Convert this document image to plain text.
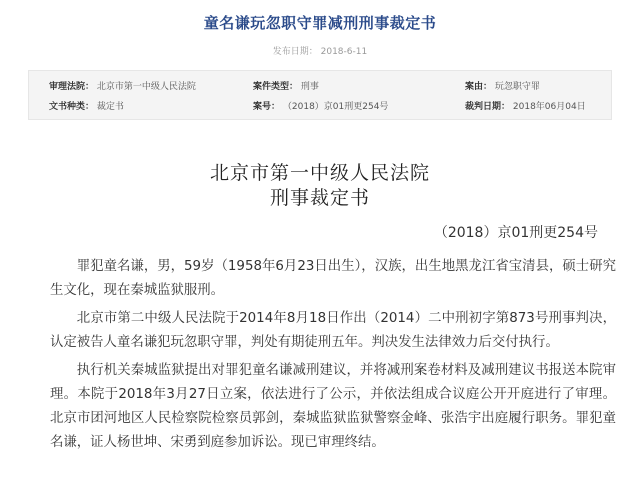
童名谦玩忽职守罪减刑刑事裁定书
发布日期： 2018-6-11
审理法院： 北京市第一中级人民法院	案件类型： 刑事	案由： 玩忽职守罪
文书种类： 裁定书	案号： （2018）京01刑更254号	裁判日期： 2018年06月04日
北京市第一中级人民法院
刑事裁定书
（2018）京01刑更254号

罪犯童名谦，男，59岁（1958年6月23日出生），汉族，出生地黑龙江省宝清县，硕士研究生文化，现在秦城监狱服刑。

北京市第二中级人民法院于2014年8月18日作出（2014）二中刑初字第873号刑事判决，认定被告人童名谦犯玩忽职守罪，判处有期徒刑五年。判决发生法律效力后交付执行。

执行机关秦城监狱提出对罪犯童名谦减刑建议，并将减刑案卷材料及减刑建议书报送本院审理。本院于2018年3月27日立案，依法进行了公示，并依法组成合议庭公开开庭进行了审理。北京市团河地区人民检察院检察员郭剑，秦城监狱监狱警察金峰、张浩宇出庭履行职务。罪犯童名谦，证人杨世坤、宋勇到庭参加诉讼。现已审理终结。
